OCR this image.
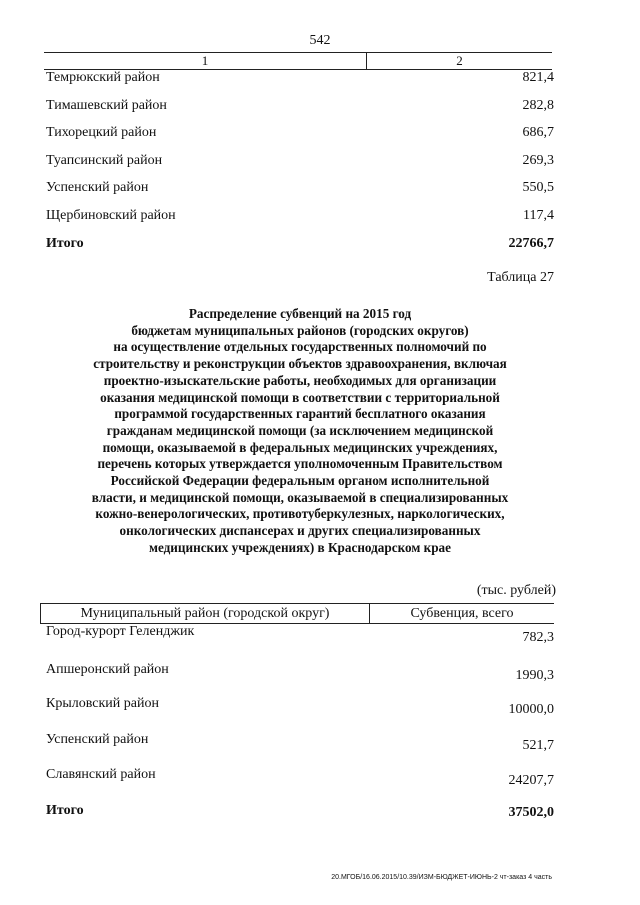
542
1	2
Темрюкский район	821,4
Тимашевский район	282,8
Тихорецкий район	686,7
Туапсинский район	269,3
Успенский район	550,5
Щербиновский район	117,4
Итого	22766,7
Таблица 27
Распределение субвенций на 2015 год
бюджетам муниципальных районов (городских округов)
на осуществление отдельных государственных полномочий по
строительству и реконструкции объектов здравоохранения, включая
проектно-изыскательские работы, необходимых для организации
оказания медицинской помощи в соответствии с территориальной
программой государственных гарантий бесплатного оказания
гражданам медицинской помощи (за исключением медицинской
помощи, оказываемой в федеральных медицинских учреждениях,
перечень которых утверждается уполномоченным Правительством
Российской Федерации федеральным органом исполнительной
власти, и медицинской помощи, оказываемой в специализированных
кожно-венерологических, противотуберкулезных, наркологических,
онкологических диспансерах и других специализированных
медицинских учреждениях) в Краснодарском крае
(тыс. рублей)
Муниципальный район (городской округ)	Субвенция, всего
Город-курорт Геленджик	782,3
Апшеронский район	1990,3
Крыловский район	10000,0
Успенский район	521,7
Славянский район	24207,7
Итого	37502,0
20.МГОБ/16.06.2015/10.39/ИЗМ-БЮДЖЕТ-ИЮНЬ-2 чт-заказ 4 часть
